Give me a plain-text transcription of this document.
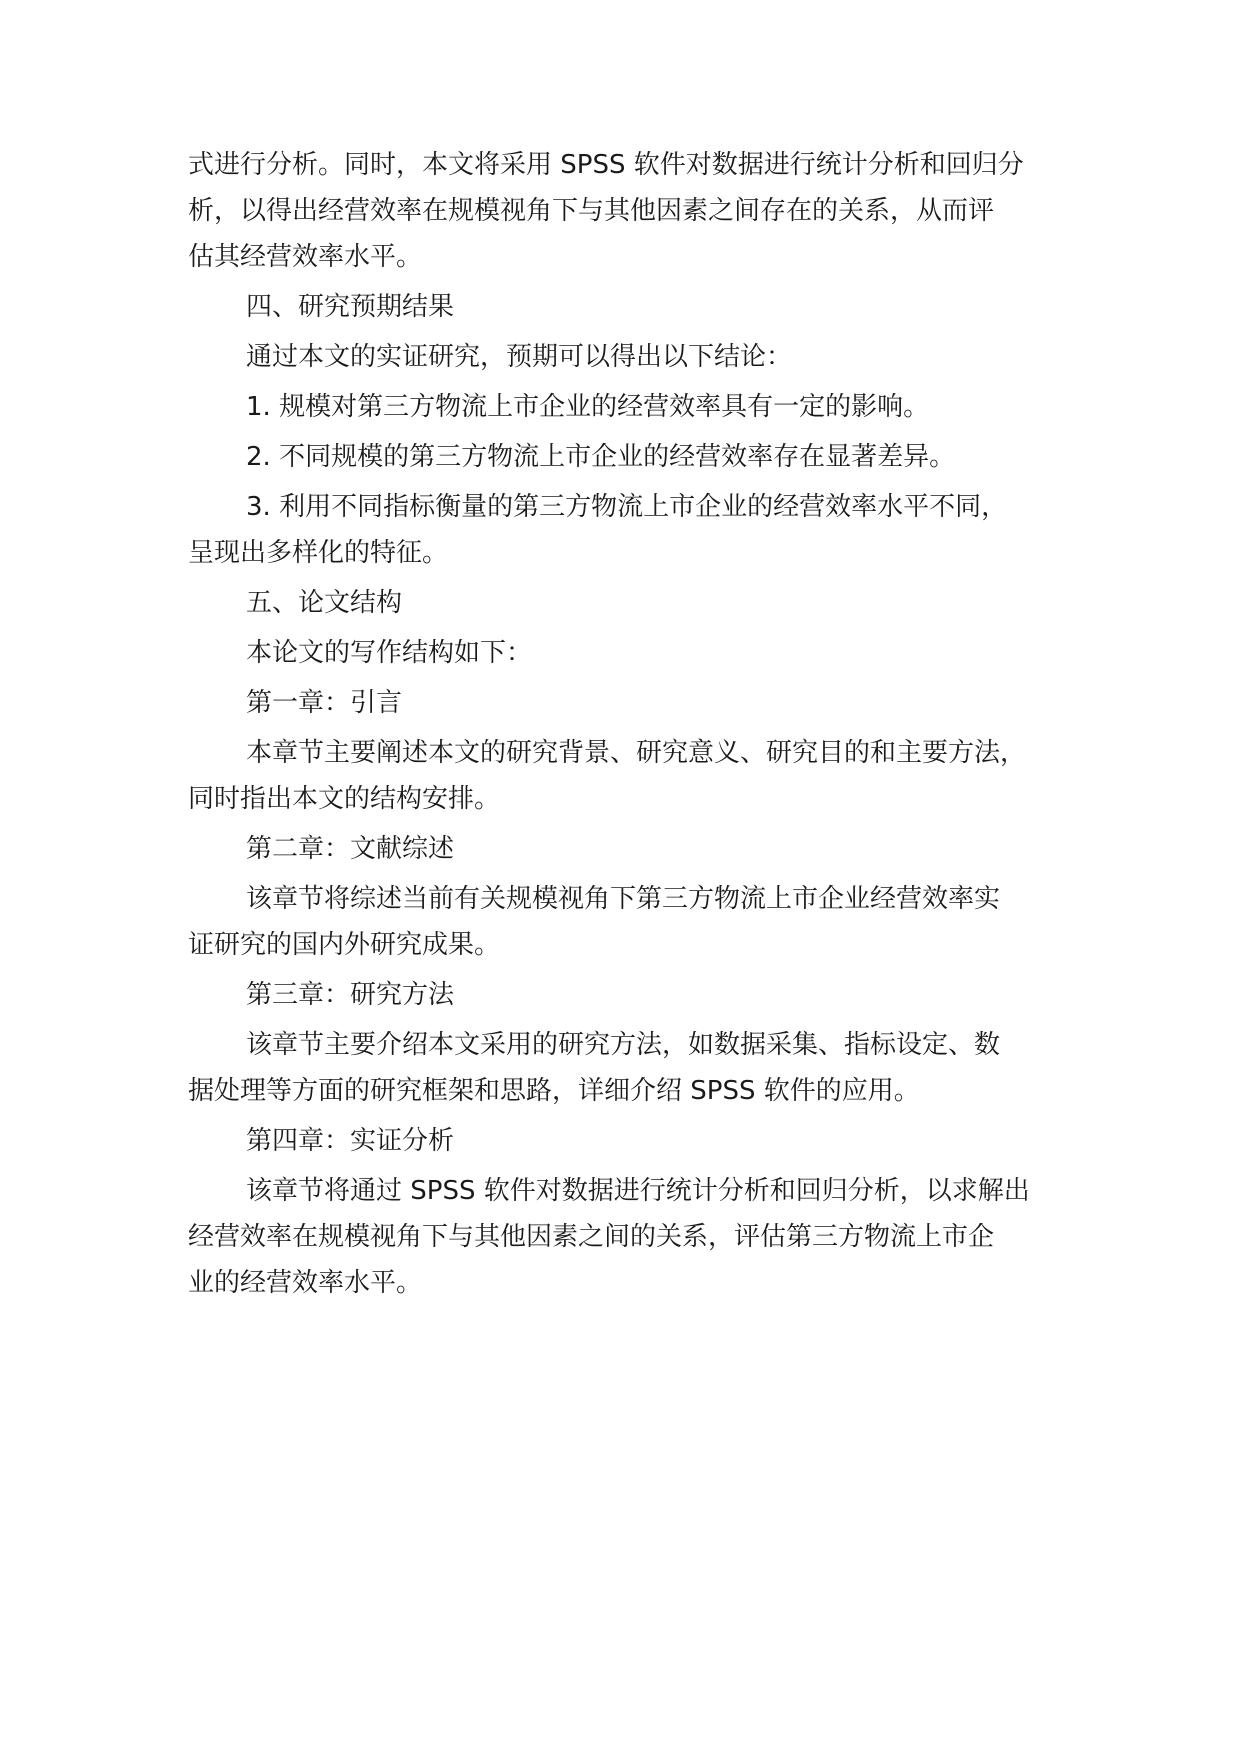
式进行分析。同时，本文将采用 SPSS 软件对数据进行统计分析和回归分
析，以得出经营效率在规模视角下与其他因素之间存在的关系，从而评
估其经营效率水平。
四、研究预期结果
通过本文的实证研究，预期可以得出以下结论：
1. 规模对第三方物流上市企业的经营效率具有一定的影响。
2. 不同规模的第三方物流上市企业的经营效率存在显著差异。
3. 利用不同指标衡量的第三方物流上市企业的经营效率水平不同，
呈现出多样化的特征。
五、论文结构
本论文的写作结构如下：
第一章：引言
本章节主要阐述本文的研究背景、研究意义、研究目的和主要方法，
同时指出本文的结构安排。
第二章：文献综述
该章节将综述当前有关规模视角下第三方物流上市企业经营效率实
证研究的国内外研究成果。
第三章：研究方法
该章节主要介绍本文采用的研究方法，如数据采集、指标设定、数
据处理等方面的研究框架和思路，详细介绍 SPSS 软件的应用。
第四章：实证分析
该章节将通过 SPSS 软件对数据进行统计分析和回归分析，以求解出
经营效率在规模视角下与其他因素之间的关系，评估第三方物流上市企
业的经营效率水平。
